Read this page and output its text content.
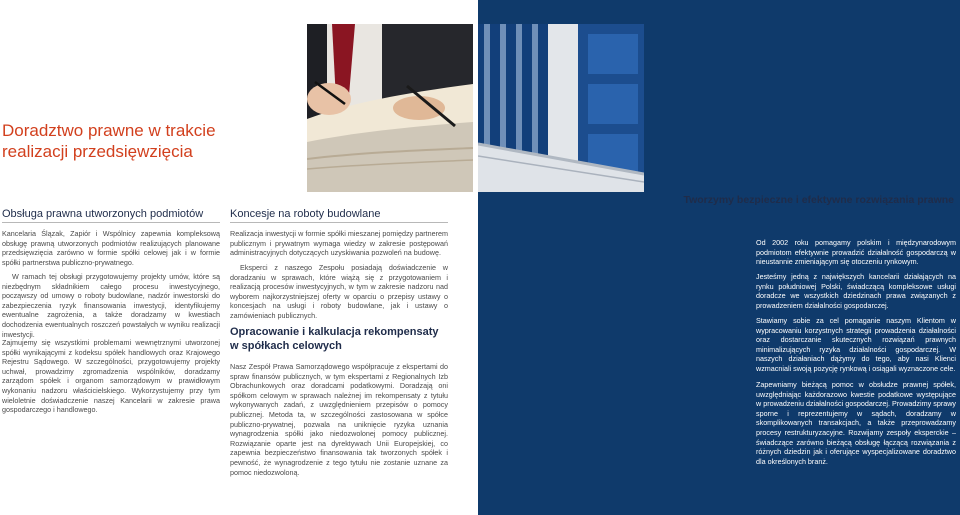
Doradztwo prawne w trakcie realizacji przedsięwzięcia
Obsługa prawna utworzonych podmiotów

Kancelaria Ślązak, Zapiór i Wspólnicy zapewnia kompleksową obsługę prawną utworzonych podmiotów realizujących planowane przedsięwzięcia zarówno w formie spółki celowej jak i w formie spółki partnerstwa publiczno-prywatnego.

W ramach tej obsługi przygotowujemy projekty umów, które są niezbędnym składnikiem całego procesu inwestycyjnego, począwszy od umowy o roboty budowlane, nadzór inwestorski do zabezpieczenia ryzyk finansowania inwestycji, identyfikujemy ewentualne zagrożenia, a także doradzamy w kwestiach dochodzenia ewentualnych roszczeń powstałych w wyniku realizacji inwestycji.

Zajmujemy się wszystkimi problemami wewnętrznymi utworzonej spółki wynikającymi z kodeksu spółek handlowych oraz Krajowego Rejestru Sądowego. W szczególności, przygotowujemy projekty uchwał, prowadzimy zgromadzenia wspólników, doradzamy zarządom spółek i organom samorządowym w prawidłowym wykonaniu nadzoru właścicielskiego. Wykorzystujemy przy tym wieloletnie doświadczenie naszej Kancelarii w zakresie prawa gospodarczego i handlowego.

Koncesje na roboty budowlane

Realizacja inwestycji w formie spółki mieszanej pomiędzy partnerem publicznym i prywatnym wymaga wiedzy w zakresie postępowań administracyjnych dotyczących uzyskiwania pozwoleń na budowę.

Eksperci z naszego Zespołu posiadają doświadczenie w doradzaniu w sprawach, które wiążą się z przygotowaniem i realizacją procesów inwestycyjnych, w tym w zakresie nadzoru nad wyborem najkorzystniejszej oferty w oparciu o przepisy ustawy o koncesjach na usługi i roboty budowlane, jak i ustawy o zamówieniach publicznych.

Opracowanie i kalkulacja rekompensaty w spółkach celowych

Nasz Zespół Prawa Samorządowego współpracuje z ekspertami do spraw finansów publicznych, w tym ekspertami z Regionalnych Izb Obrachunkowych oraz doradcami podatkowymi. Doradzają oni spółkom celowym w sprawach należnej im rekompensaty z tytułu wykonywanych zadań, z uwzględnieniem przepisów o pomocy publicznej. Metoda ta, w szczególności zastosowana w spółce publiczno-prywatnej, pozwala na uniknięcie ryzyka uznania wynagrodzenia spółki jako niedozwolonej pomocy publicznej. Rozwiązanie oparte jest na dyrektywach Unii Europejskiej, co zapewnia bezpieczeństwo finansowania tak tworzonych spółek i pewność, że wynagrodzenie z tego tytułu nie zostanie uznane za pomoc niedozwoloną.

Od 2002 roku pomagamy polskim i międzynarodowym podmiotom efektywnie prowadzić działalność gospodarczą w nieustannie zmieniającym się otoczeniu rynkowym.

Jesteśmy jedną z największych kancelarii działających na rynku południowej Polski, świadczącą kompleksowe usługi doradcze we wszystkich dziedzinach prawa związanych z prowadzeniem działalności gospodarczej.

Stawiamy sobie za cel pomaganie naszym Klientom w wypracowaniu korzystnych strategii prowadzenia działalności oraz dostarczanie skutecznych rozwiązań prawnych minimalizujących ryzyka działalności gospodarczej. W naszych działaniach dążymy do tego, aby nasi Klienci wzmacniali swoją pozycję rynkową i osiągali wyznaczone cele.

Zapewniamy bieżącą pomoc w obsłudze prawnej spółek, uwzględniając każdorazowo kwestie podatkowe występujące w prowadzeniu działalności gospodarczej. Prowadzimy sprawy sporne i reprezentujemy w sądach, doradzamy w skomplikowanych transakcjach, a także przeprowadzamy procesy restrukturyzacyjne. Rozwijamy zespoły eksperckie – świadczące zarówno bieżącą obsługę łączącą rozwiązania z różnych dziedzin jak i oferujące wyspecjalizowane doradztwo dla określonych branż.

Tworzymy bezpieczne i efektywne rozwiązania prawne
